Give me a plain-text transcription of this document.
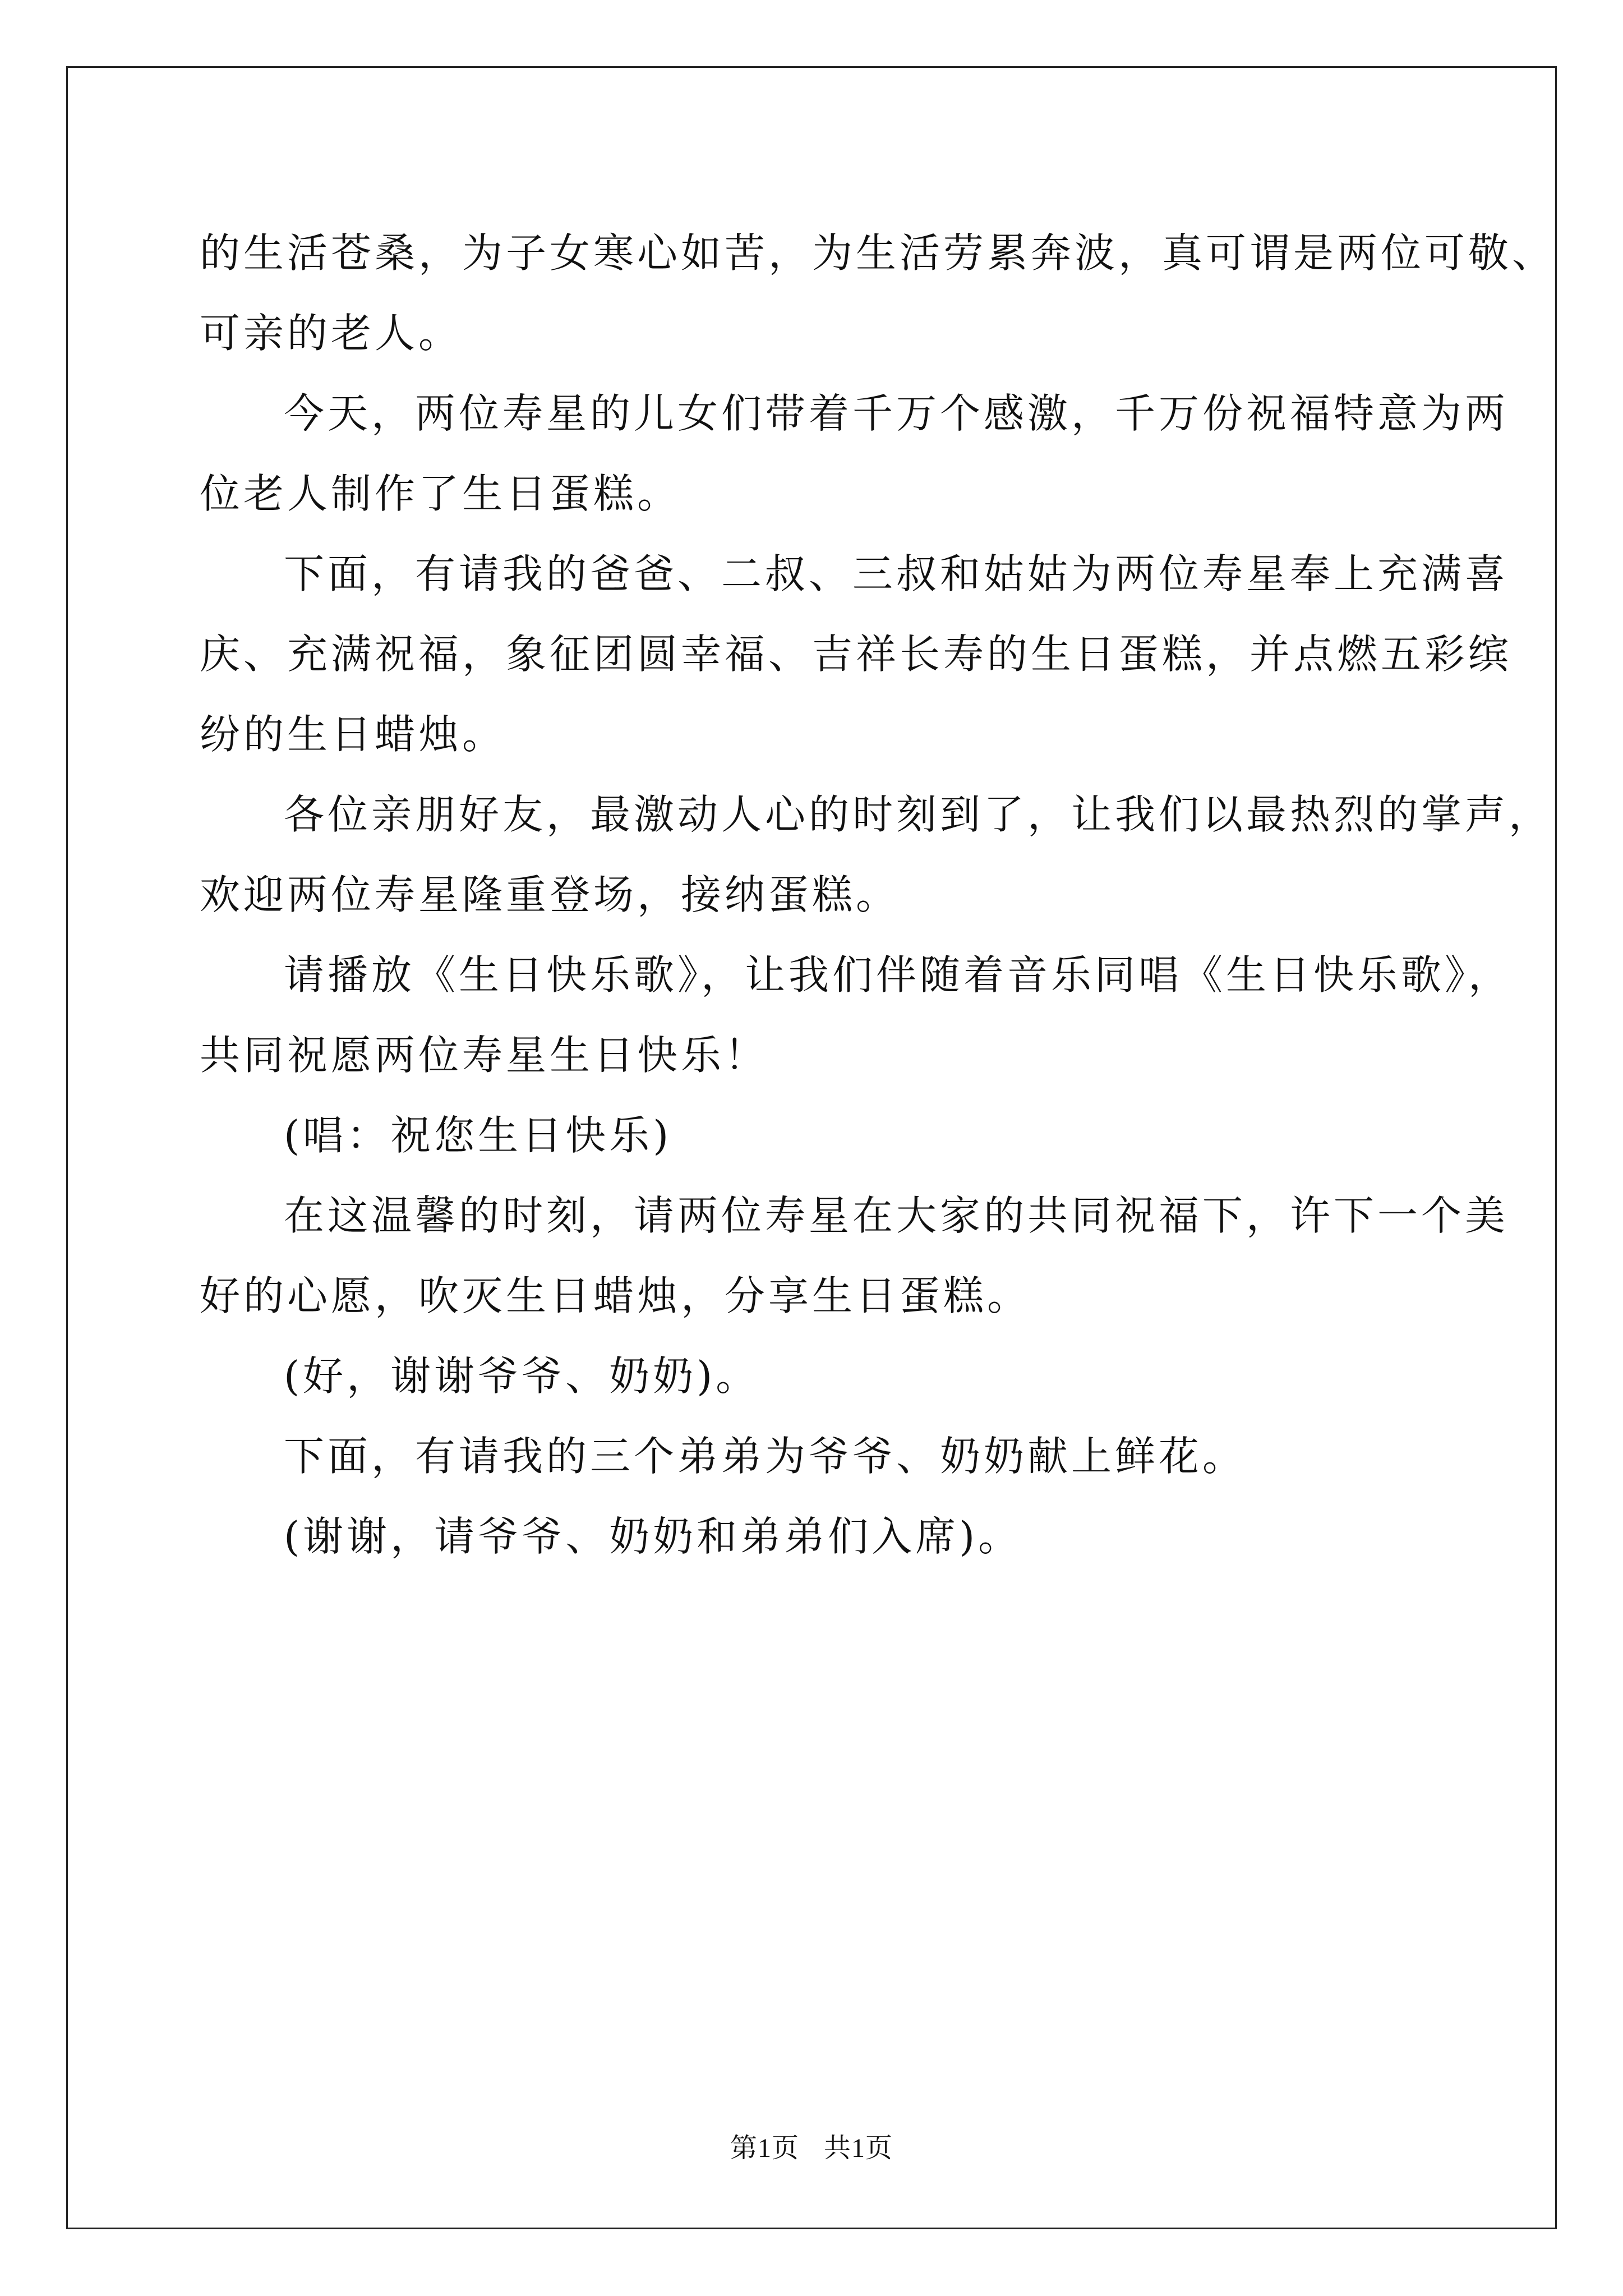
的生活苍桑，为子女寒心如苦，为生活劳累奔波，真可谓是两位可敬、
可亲的老人。
今天，两位寿星的儿女们带着千万个感激，千万份祝福特意为两
位老人制作了生日蛋糕。
下面，有请我的爸爸、二叔、三叔和姑姑为两位寿星奉上充满喜
庆、充满祝福，象征团圆幸福、吉祥长寿的生日蛋糕，并点燃五彩缤
纷的生日蜡烛。
各位亲朋好友，最激动人心的时刻到了，让我们以最热烈的掌声，
欢迎两位寿星隆重登场，接纳蛋糕。
请播放《生日快乐歌》，让我们伴随着音乐同唱《生日快乐歌》，
共同祝愿两位寿星生日快乐！
(唱：祝您生日快乐)
在这温馨的时刻，请两位寿星在大家的共同祝福下，许下一个美
好的心愿，吹灭生日蜡烛，分享生日蛋糕。
(好，谢谢爷爷、奶奶)。
下面，有请我的三个弟弟为爷爷、奶奶献上鲜花。
(谢谢，请爷爷、奶奶和弟弟们入席)。
第1页 共1页
